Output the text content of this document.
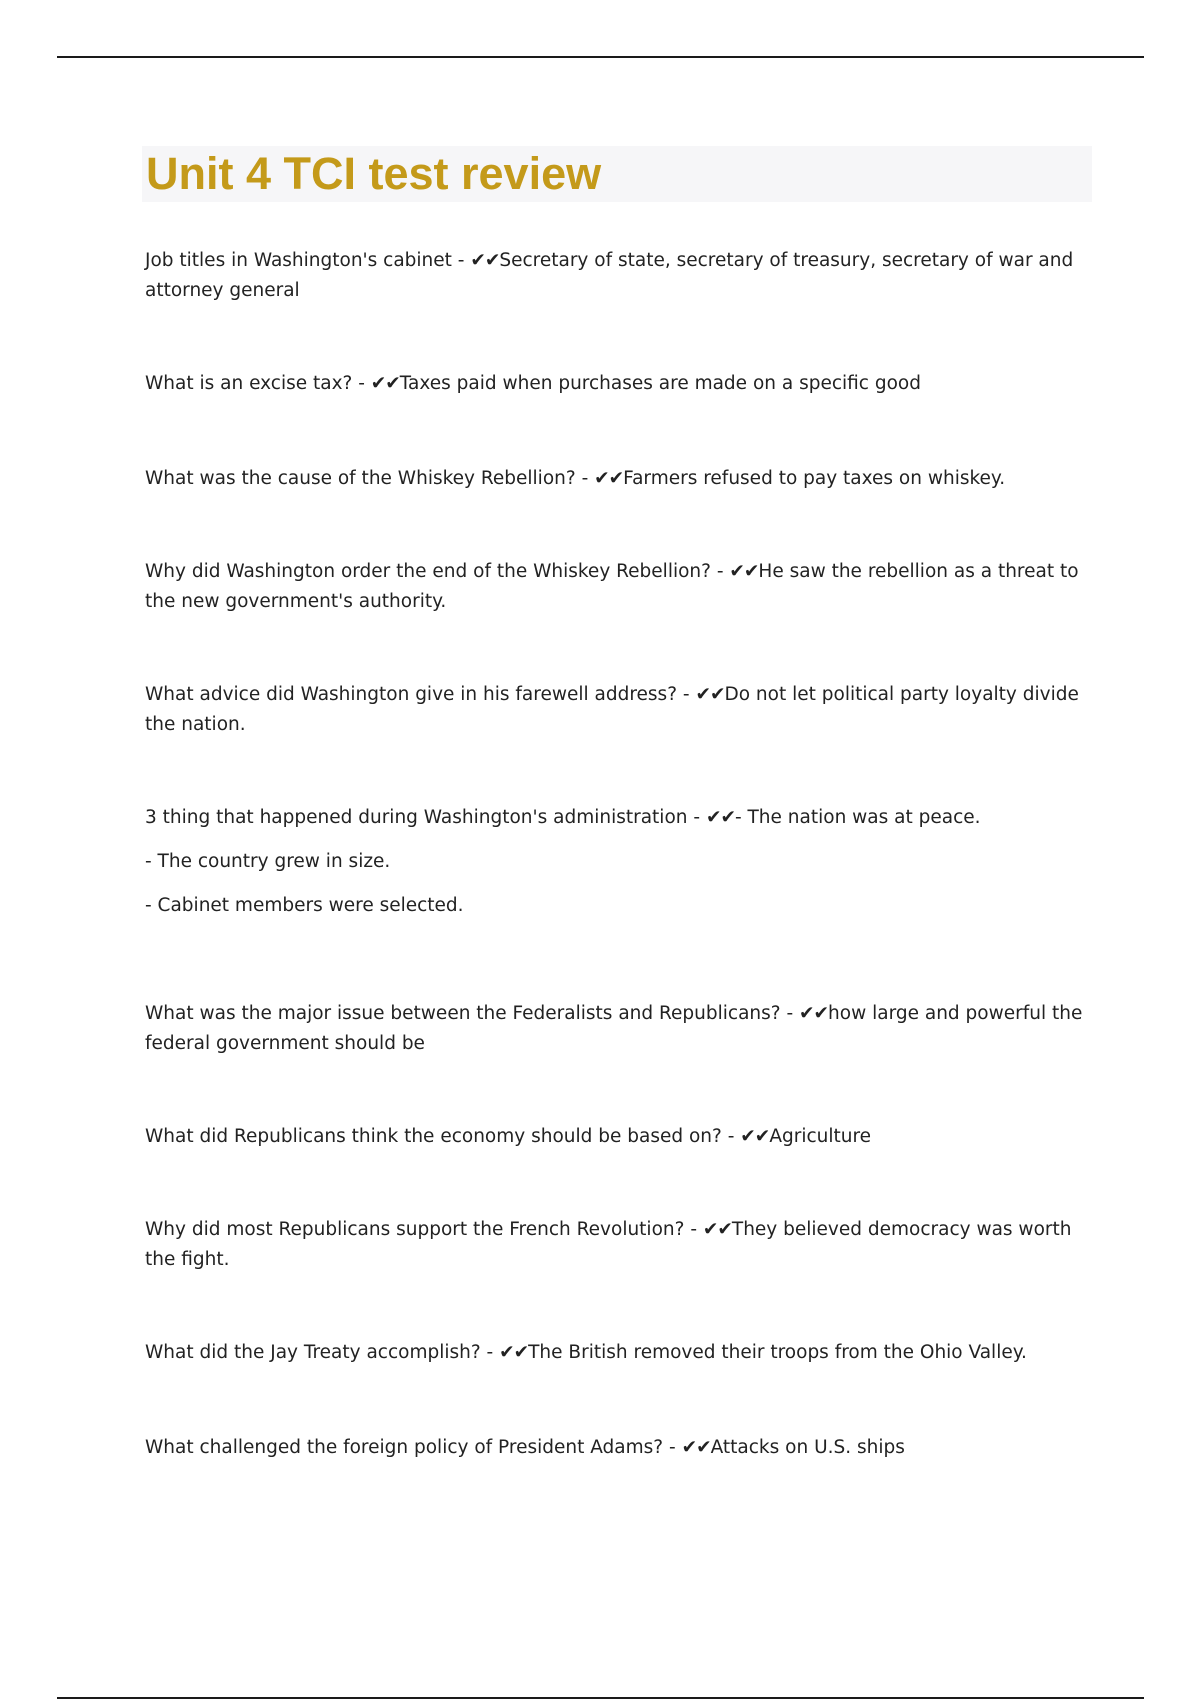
Unit 4 TCI test review

Job titles in Washington's cabinet - ✔✔Secretary of state, secretary of treasury, secretary of war and attorney general

What is an excise tax? - ✔✔Taxes paid when purchases are made on a specific good

What was the cause of the Whiskey Rebellion? - ✔✔Farmers refused to pay taxes on whiskey.

Why did Washington order the end of the Whiskey Rebellion? - ✔✔He saw the rebellion as a threat to the new government's authority.

What advice did Washington give in his farewell address? - ✔✔Do not let political party loyalty divide the nation.

3 thing that happened during Washington's administration - ✔✔- The nation was at peace.

- The country grew in size.

- Cabinet members were selected.

What was the major issue between the Federalists and Republicans? - ✔✔how large and powerful the federal government should be

What did Republicans think the economy should be based on? - ✔✔Agriculture

Why did most Republicans support the French Revolution? - ✔✔They believed democracy was worth the fight.

What did the Jay Treaty accomplish? - ✔✔The British removed their troops from the Ohio Valley.

What challenged the foreign policy of President Adams? - ✔✔Attacks on U.S. ships
